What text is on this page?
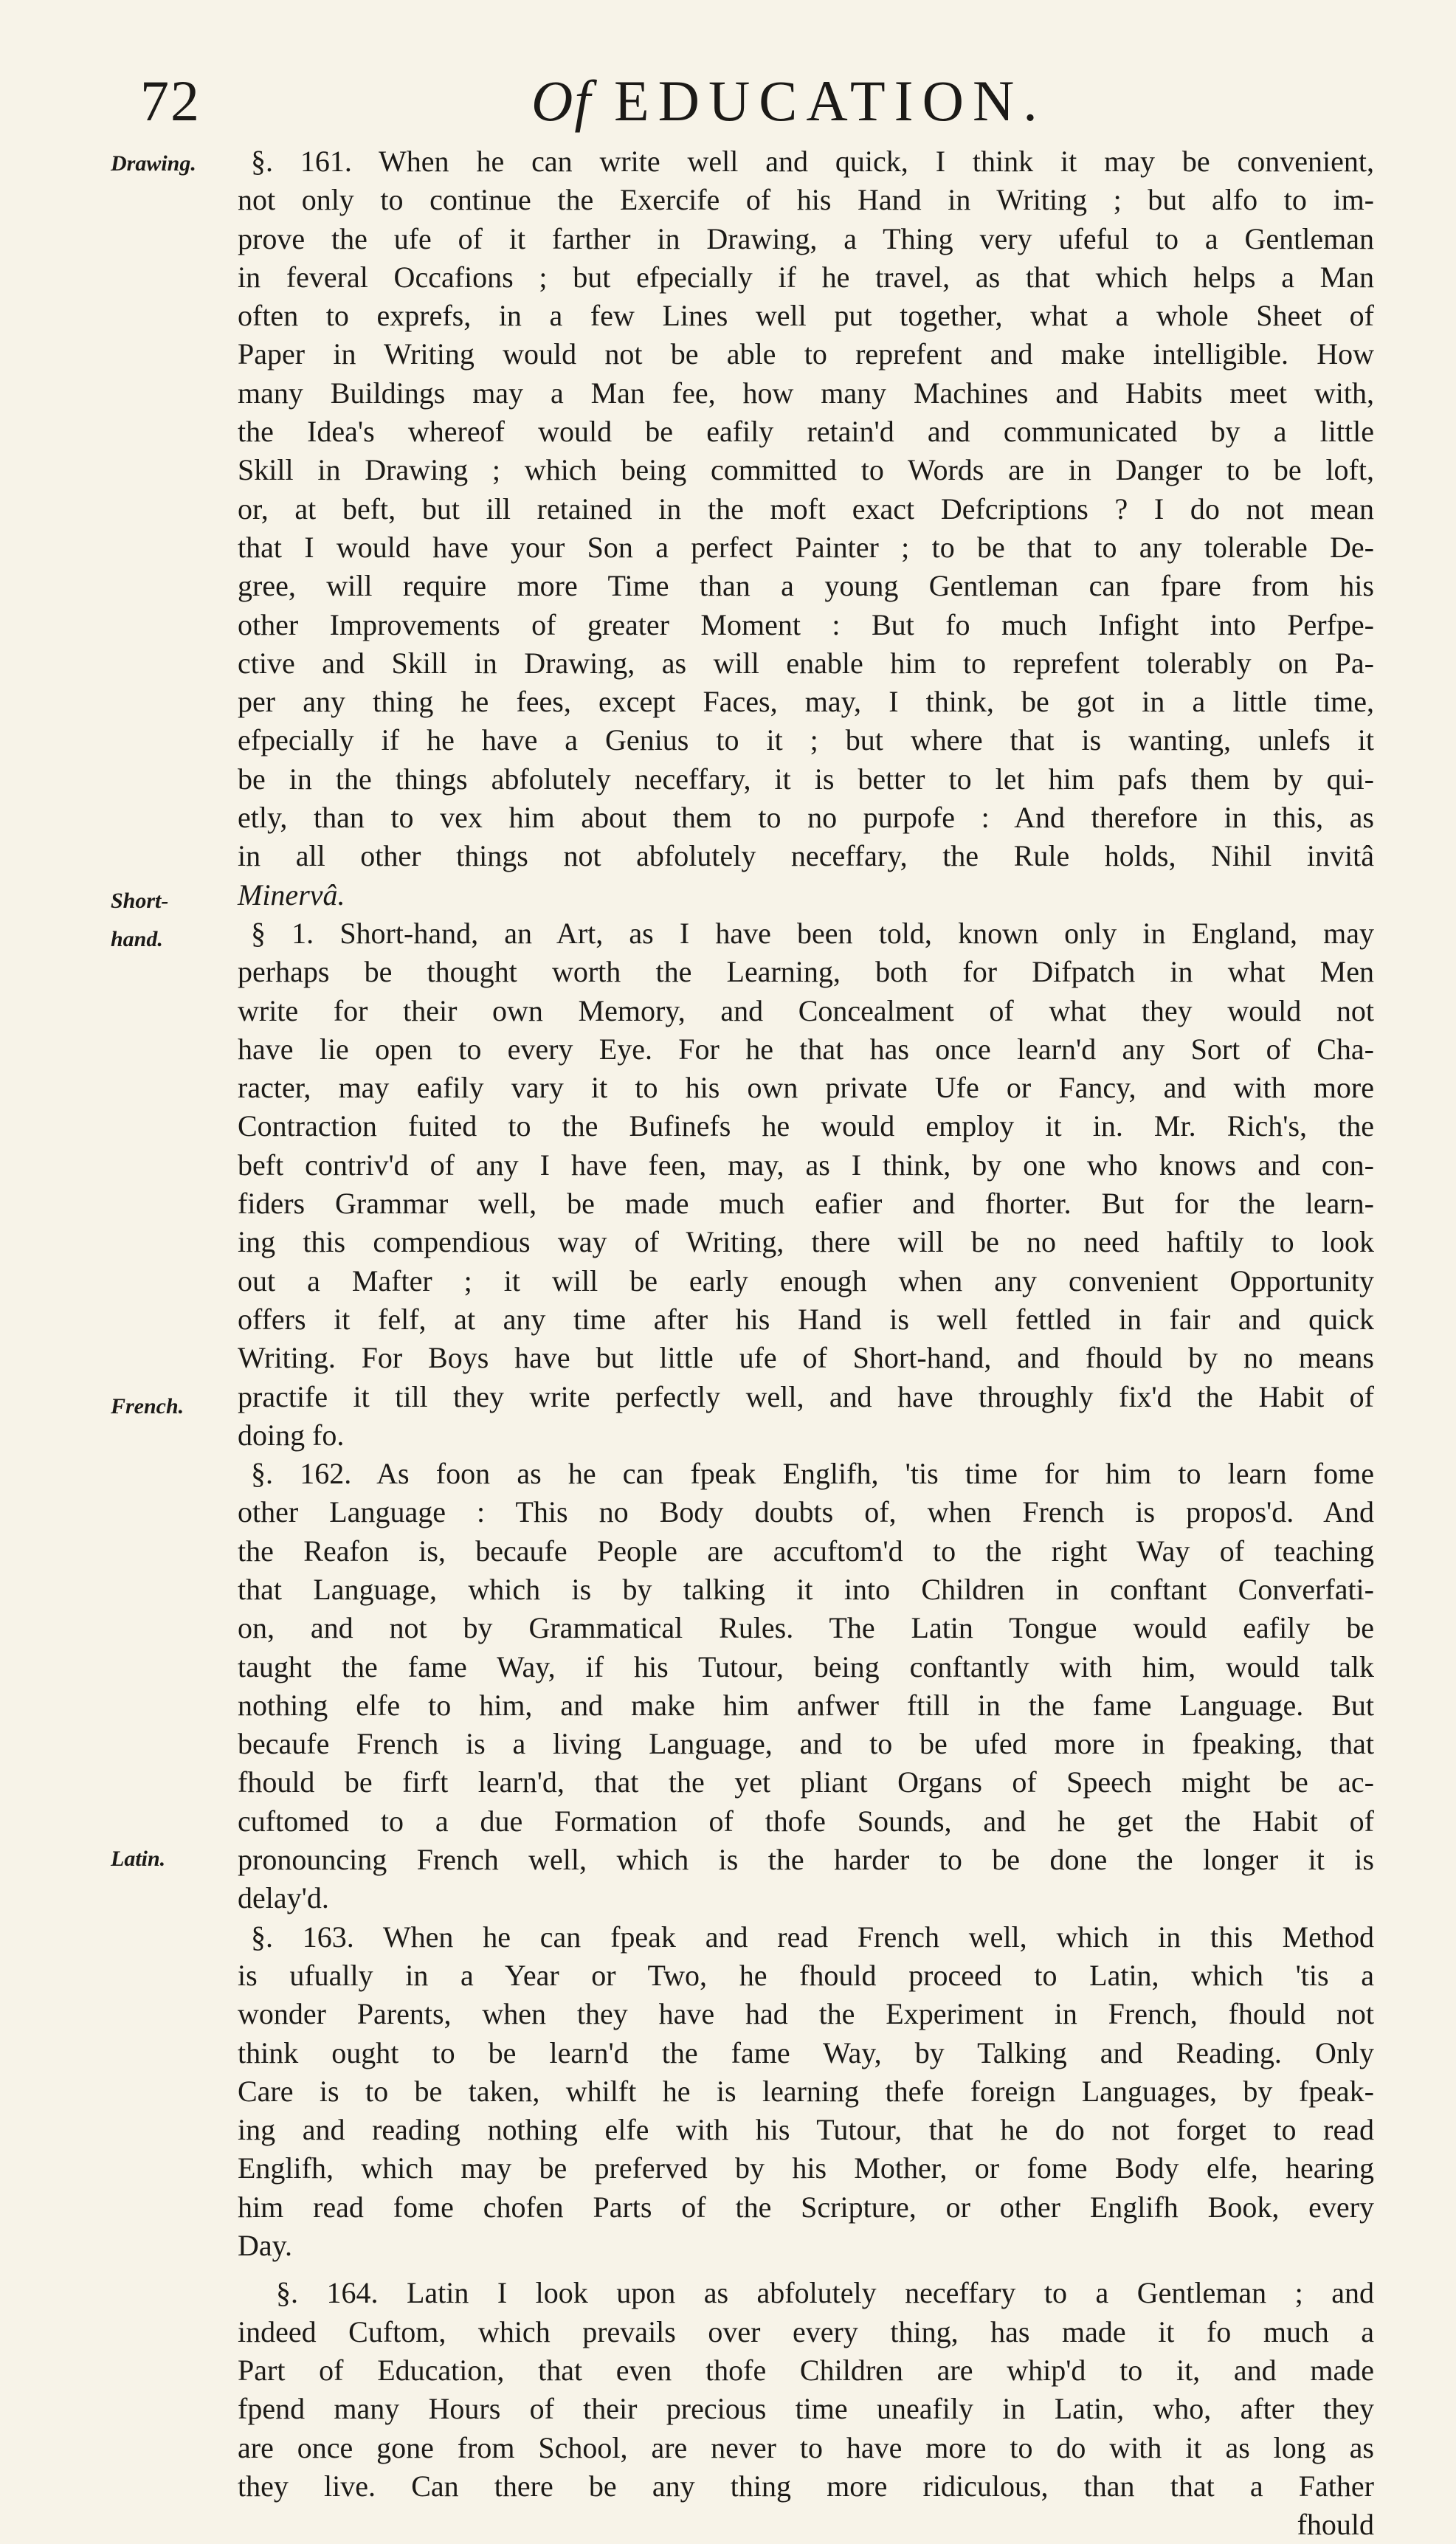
72	Of EDUCATION.
Drawing.
Short-
hand.
French.
Latin.
§. 161. When he can write well and quick, I think it may be convenient,
not only to continue the Exercife of his Hand in Writing ; but alfo to im-
prove the ufe of it farther in Drawing, a Thing very ufeful to a Gentleman
in feveral Occafions ; but efpecially if he travel, as that which helps a Man
often to exprefs, in a few Lines well put together, what a whole Sheet of
Paper in Writing would not be able to reprefent and make intelligible. How
many Buildings may a Man fee, how many Machines and Habits meet with,
the Idea's whereof would be eafily retain'd and communicated by a little
Skill in Drawing ; which being committed to Words are in Danger to be loft,
or, at beft, but ill retained in the moft exact Defcriptions ? I do not mean
that I would have your Son a perfect Painter ; to be that to any tolerable De-
gree, will require more Time than a young Gentleman can fpare from his
other Improvements of greater Moment : But fo much Infight into Perfpe-
ctive and Skill in Drawing, as will enable him to reprefent tolerably on Pa-
per any thing he fees, except Faces, may, I think, be got in a little time,
efpecially if he have a Genius to it ; but where that is wanting, unlefs it
be in the things abfolutely neceffary, it is better to let him pafs them by qui-
etly, than to vex him about them to no purpofe : And therefore in this, as
in all other things not abfolutely neceffary, the Rule holds, Nihil invitâ
Minervâ.
§ 1. Short-hand, an Art, as I have been told, known only in England, may
perhaps be thought worth the Learning, both for Difpatch in what Men
write for their own Memory, and Concealment of what they would not
have lie open to every Eye. For he that has once learn'd any Sort of Cha-
racter, may eafily vary it to his own private Ufe or Fancy, and with more
Contraction fuited to the Bufinefs he would employ it in. Mr. Rich's, the
beft contriv'd of any I have feen, may, as I think, by one who knows and con-
fiders Grammar well, be made much eafier and fhorter. But for the learn-
ing this compendious way of Writing, there will be no need haftily to look
out a Mafter ; it will be early enough when any convenient Opportunity
offers it felf, at any time after his Hand is well fettled in fair and quick
Writing. For Boys have but little ufe of Short-hand, and fhould by no means
practife it till they write perfectly well, and have throughly fix'd the Habit of
doing fo.
§. 162. As foon as he can fpeak Englifh, 'tis time for him to learn fome
other Language : This no Body doubts of, when French is propos'd. And
the Reafon is, becaufe People are accuftom'd to the right Way of teaching
that Language, which is by talking it into Children in conftant Converfati-
on, and not by Grammatical Rules. The Latin Tongue would eafily be
taught the fame Way, if his Tutour, being conftantly with him, would talk
nothing elfe to him, and make him anfwer ftill in the fame Language. But
becaufe French is a living Language, and to be ufed more in fpeaking, that
fhould be firft learn'd, that the yet pliant Organs of Speech might be ac-
cuftomed to a due Formation of thofe Sounds, and he get the Habit of
pronouncing French well, which is the harder to be done the longer it is
delay'd.
§. 163. When he can fpeak and read French well, which in this Method
is ufually in a Year or Two, he fhould proceed to Latin, which 'tis a
wonder Parents, when they have had the Experiment in French, fhould not
think ought to be learn'd the fame Way, by Talking and Reading. Only
Care is to be taken, whilft he is learning thefe foreign Languages, by fpeak-
ing and reading nothing elfe with his Tutour, that he do not forget to read
Englifh, which may be preferved by his Mother, or fome Body elfe, hearing
him read fome chofen Parts of the Scripture, or other Englifh Book, every
Day.
§. 164. Latin I look upon as abfolutely neceffary to a Gentleman ; and
indeed Cuftom, which prevails over every thing, has made it fo much a
Part of Education, that even thofe Children are whip'd to it, and made
fpend many Hours of their precious time uneafily in Latin, who, after they
are once gone from School, are never to have more to do with it as long as
they live. Can there be any thing more ridiculous, than that a Father
fhould
